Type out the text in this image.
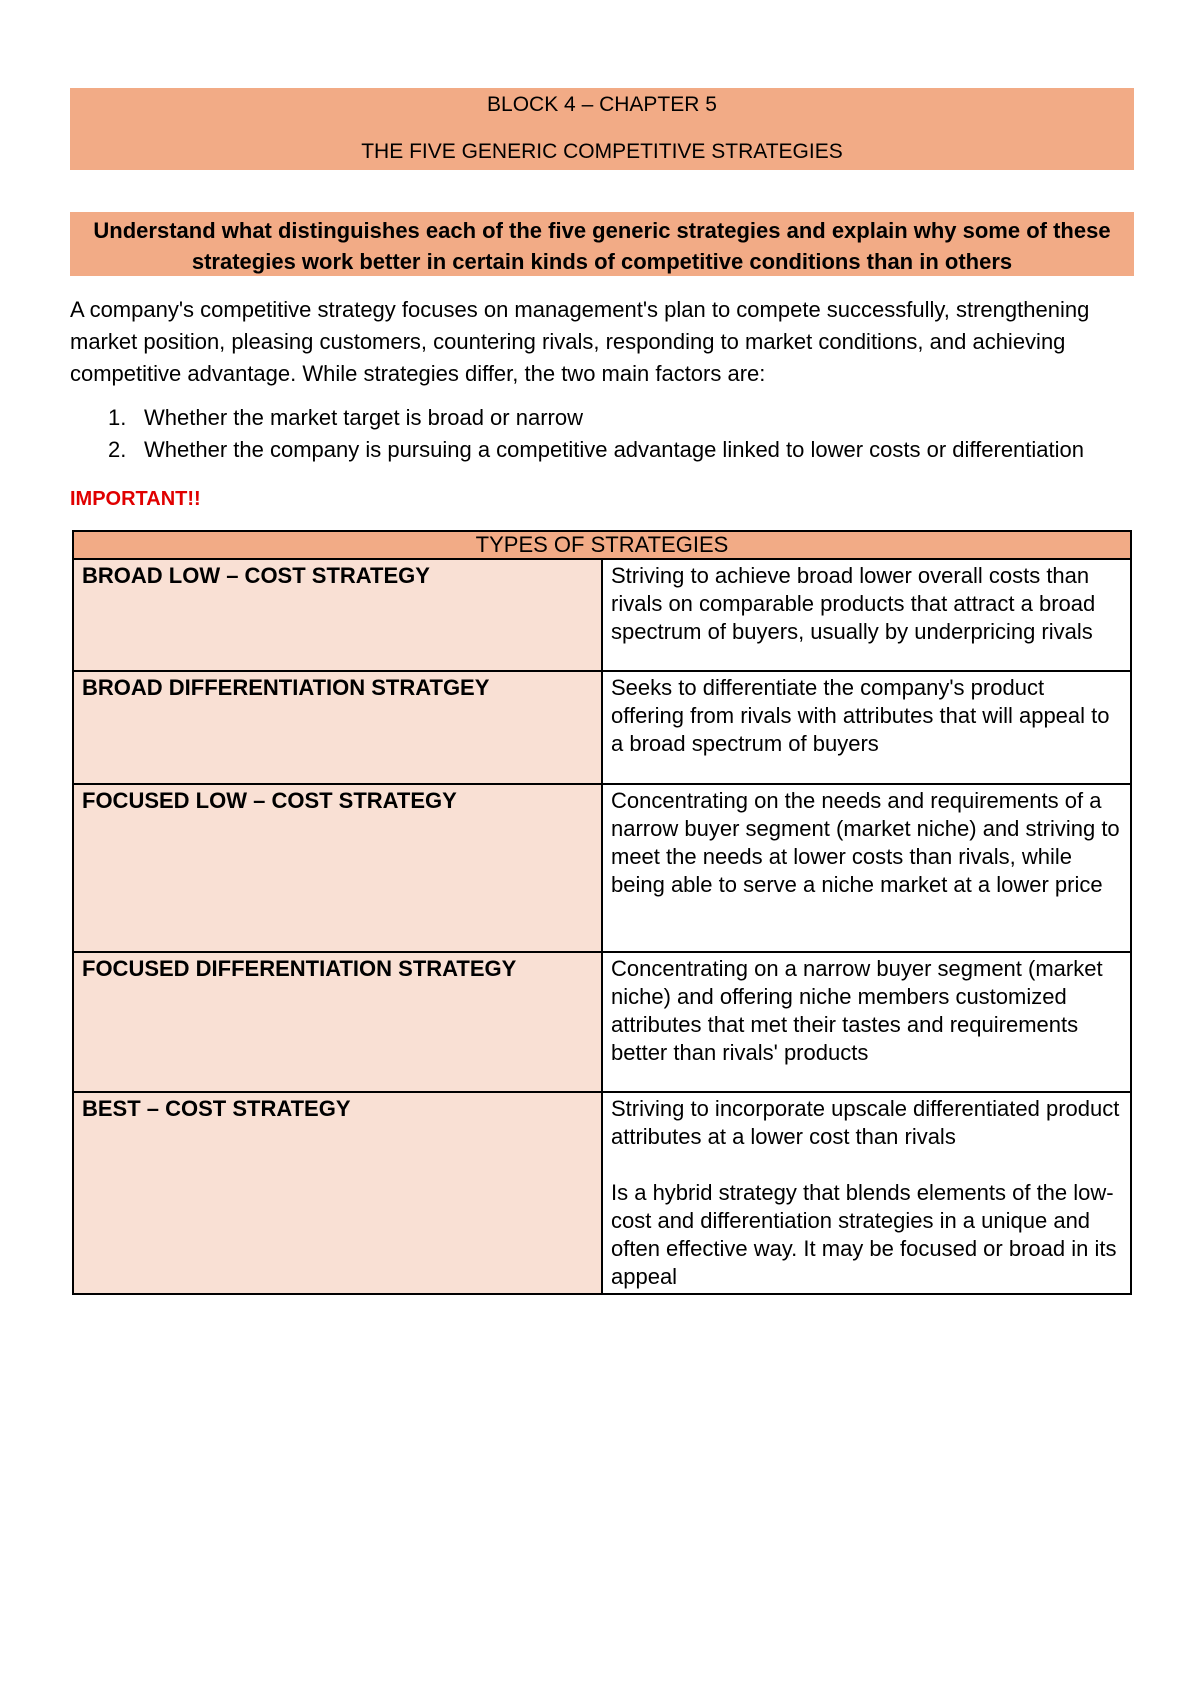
BLOCK 4 – CHAPTER 5
THE FIVE GENERIC COMPETITIVE STRATEGIES
Understand what distinguishes each of the five generic strategies and explain why some of these strategies work better in certain kinds of competitive conditions than in others
A company's competitive strategy focuses on management's plan to compete successfully, strengthening market position, pleasing customers, countering rivals, responding to market conditions, and achieving competitive advantage. While strategies differ, the two main factors are:
1. Whether the market target is broad or narrow
2. Whether the company is pursuing a competitive advantage linked to lower costs or differentiation
IMPORTANT!!
TYPES OF STRATEGIES	
BROAD LOW – COST STRATEGY	Striving to achieve broad lower overall costs than rivals on comparable products that attract a broad spectrum of buyers, usually by underpricing rivals
BROAD DIFFERENTIATION STRATGEY	Seeks to differentiate the company's product offering from rivals with attributes that will appeal to a broad spectrum of buyers
FOCUSED LOW – COST STRATEGY	Concentrating on the needs and requirements of a narrow buyer segment (market niche) and striving to meet the needs at lower costs than rivals, while being able to serve a niche market at a lower price
FOCUSED DIFFERENTIATION STRATEGY	Concentrating on a narrow buyer segment (market niche) and offering niche members customized attributes that met their tastes and requirements better than rivals' products
BEST – COST STRATEGY	Striving to incorporate upscale differentiated product attributes at a lower cost than rivals
Is a hybrid strategy that blends elements of the low-cost and differentiation strategies in a unique and often effective way. It may be focused or broad in its appeal
